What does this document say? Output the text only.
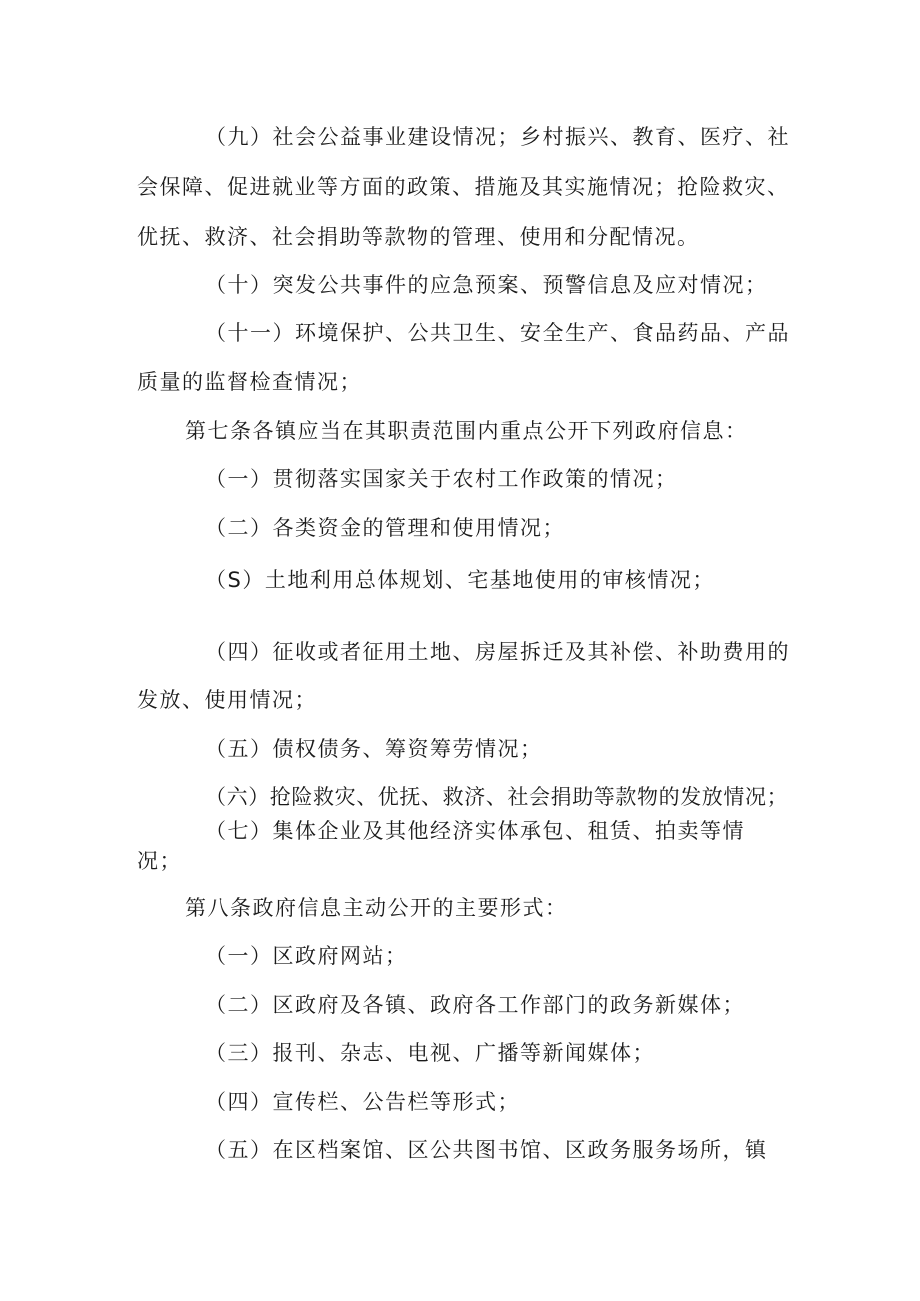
（九）社会公益事业建设情况；乡村振兴、教育、医疗、社
会保障、促进就业等方面的政策、措施及其实施情况；抢险救灾、
优抚、救济、社会捐助等款物的管理、使用和分配情况。
（十）突发公共事件的应急预案、预警信息及应对情况；
（十一）环境保护、公共卫生、安全生产、食品药品、产品
质量的监督检查情况；
第七条各镇应当在其职责范围内重点公开下列政府信息：
（一）贯彻落实国家关于农村工作政策的情况；
（二）各类资金的管理和使用情况；
（S）土地利用总体规划、宅基地使用的审核情况；
（四）征收或者征用土地、房屋拆迁及其补偿、补助费用的
发放、使用情况；
（五）债权债务、筹资筹劳情况；
（六）抢险救灾、优抚、救济、社会捐助等款物的发放情况；
（七）集体企业及其他经济实体承包、租赁、拍卖等情
况；
第八条政府信息主动公开的主要形式：
（一）区政府网站；
（二）区政府及各镇、政府各工作部门的政务新媒体；
（三）报刊、杂志、电视、广播等新闻媒体；
（四）宣传栏、公告栏等形式；
（五）在区档案馆、区公共图书馆、区政务服务场所，镇
